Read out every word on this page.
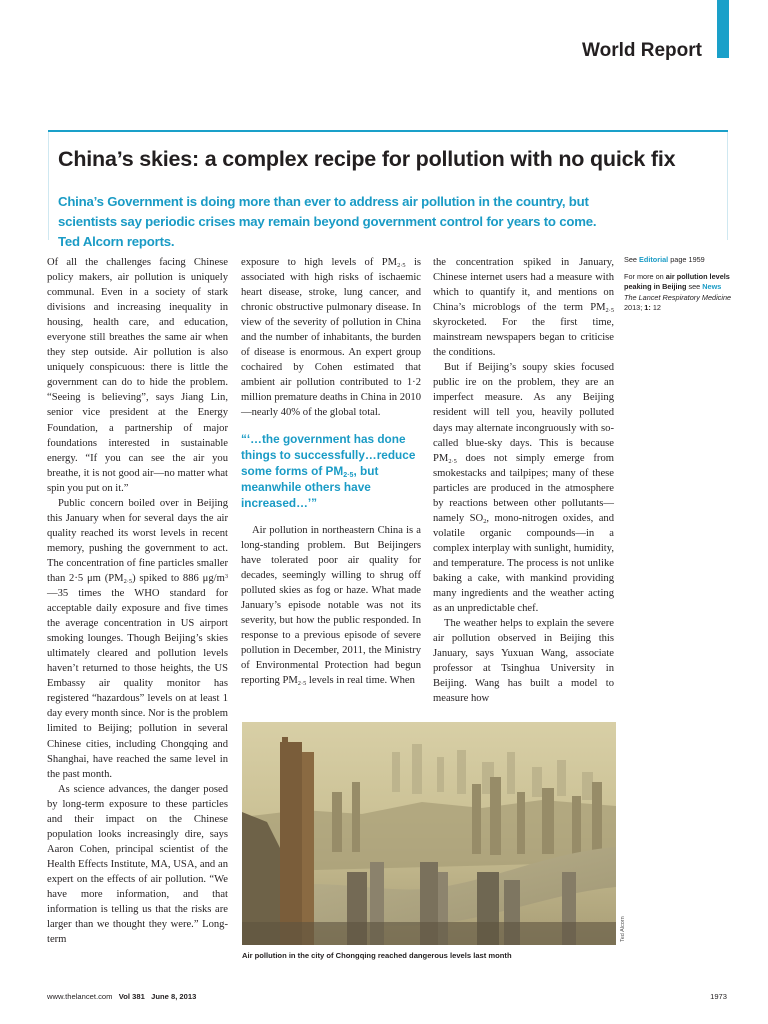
World Report
China’s skies: a complex recipe for pollution with no quick fix
China’s Government is doing more than ever to address air pollution in the country, but scientists say periodic crises may remain beyond government control for years to come. Ted Alcorn reports.

Of all the challenges facing Chinese policy makers, air pollution is uniquely communal. Even in a society of stark divisions and increasing inequality in housing, health care, and education, everyone still breathes the same air when they step outside. Air pollution is also uniquely conspicuous: there is little the government can do to hide the problem. “Seeing is believing”, says Jiang Lin, senior vice president at the Energy Foundation, a partnership of major foundations interested in sustainable energy. “If you can see the air you breathe, it is not good air—no matter what spin you put on it.”

Public concern boiled over in Beijing this January when for several days the air quality reached its worst levels in recent memory, pushing the government to act. The concentration of fine particles smaller than 2·5 μm $(PM_{2\cdot 5})$ spiked to 886 $\mu g/m^3—35$ times the WHO standard for acceptable daily exposure and five times the average concentration in US airport smoking lounges. Though Beijing’s skies ultimately cleared and pollution levels haven’t returned to those heights, the US Embassy air quality monitor has registered “hazardous” levels on at least 1 day every month since. Nor is the problem limited to Beijing; pollution in several Chinese cities, including Chongqing and Shanghai, have reached the same level in the past month.

As science advances, the danger posed by long-term exposure to these particles and their impact on the Chinese population looks increasingly dire, says Aaron Cohen, principal scientist of the Health Effects Institute, MA, USA, and an expert on the effects of air pollution. “We have more information, and that information is telling us that the risks are larger than we thought they were.” Long-term

exposure to high levels of $PM_{2\cdot 5}$ is associated with high risks of ischaemic heart disease, stroke, lung cancer, and chronic obstructive pulmonary disease. In view of the severity of pollution in China and the number of inhabitants, the burden of disease is enormous. An expert group cochaired by Cohen estimated that ambient air pollution contributed to 1·2 million premature deaths in China in 2010—nearly 40% of the global total.

“‘…the government has done things to successfully…reduce some forms of $PM_{2\cdot 5}$, but meanwhile others have increased…’”

Air pollution in northeastern China is a long-standing problem. But Beijingers have tolerated poor air quality for decades, seemingly willing to shrug off polluted skies as fog or haze. What made January’s episode notable was not its severity, but how the public responded. In response to a previous episode of severe pollution in December, 2011, the Ministry of Environmental Protection had begun reporting $PM_{2\cdot 5}$ levels in real time. When

the concentration spiked in January, Chinese internet users had a measure with which to quantify it, and mentions on China’s microblogs of the term $PM_{2\cdot 5}$ skyrocketed. For the first time, mainstream newspapers began to criticise the conditions.

But if Beijing’s soupy skies focused public ire on the problem, they are an imperfect measure. As any Beijing resident will tell you, heavily polluted days may alternate incongruously with so-called blue-sky days. This is because $PM_{2\cdot 5}$ does not simply emerge from smokestacks and tailpipes; many of these particles are produced in the atmosphere by reactions between other pollutants—namely $SO_2$, mono-nitrogen oxides, and volatile organic compounds—in a complex interplay with sunlight, humidity, and temperature. The process is not unlike baking a cake, with mankind providing many ingredients and the weather acting as an unpredictable chef.

The weather helps to explain the severe air pollution observed in Beijing this January, says Yuxuan Wang, associate professor at Tsinghua University in Beijing. Wang has built a model to measure how

See Editorial page 1959

For more on air pollution levels peaking in Beijing see News
The Lancet Respiratory Medicine 2013; 1: 12

Ted Alcorn
Air pollution in the city of Chongqing reached dangerous levels last month
www.thelancet.com Vol 381 June 8, 2013	1973
